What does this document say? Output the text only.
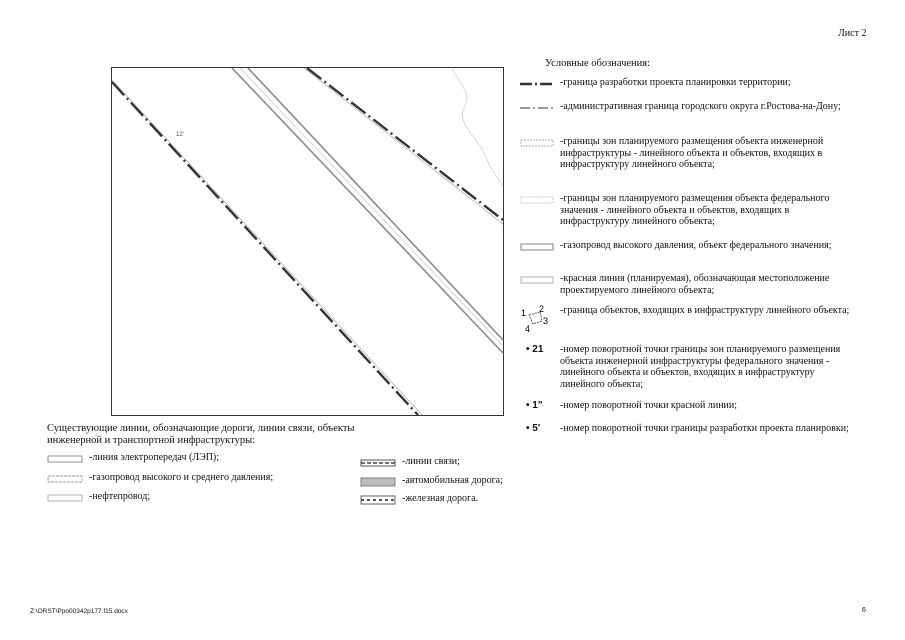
Лист 2
12'
Условные обозначения:
-граница разработки проекта планировки территории;
-административная граница городского округа г.Ростова-на-Дону;
-границы зон планируемого размещения объекта инженерной инфраструктуры - линейного объекта и объектов, входящих в инфраструктуру линейного объекта;
-границы зон планируемого размещения объекта федерального значения - линейного объекта и объектов, входящих в инфраструктуру линейного объекта;
-газопровод высокого давления, объект федерального значения;
-красная линия (планируемая), обозначающая местоположение проектируемого линейного объекта;
1 2
3
4
-граница объектов, входящих в инфраструктуру линейного объекта;
• 21 -номер поворотной точки границы зон планируемого размещения объекта инженерной инфраструктуры федерального значения - линейного объекта и объектов, входящих в инфраструктуру линейного объекта;
• 1" -номер поворотной точки красной линии;
• 5' -номер поворотной точки границы разработки проекта планировки;
Существующие линии, обозначающие дороги, линии связи, объекты инженерной и транспортной инфраструктуры:
-линия электропередач (ЛЭП);
-газопровод высокого и среднего давления;
-нефтепровод;
-линии связи;
-автомобильная дорога;
-железная дорога.
Z:\ORST\Ppo00342p177.f15.docx	6
